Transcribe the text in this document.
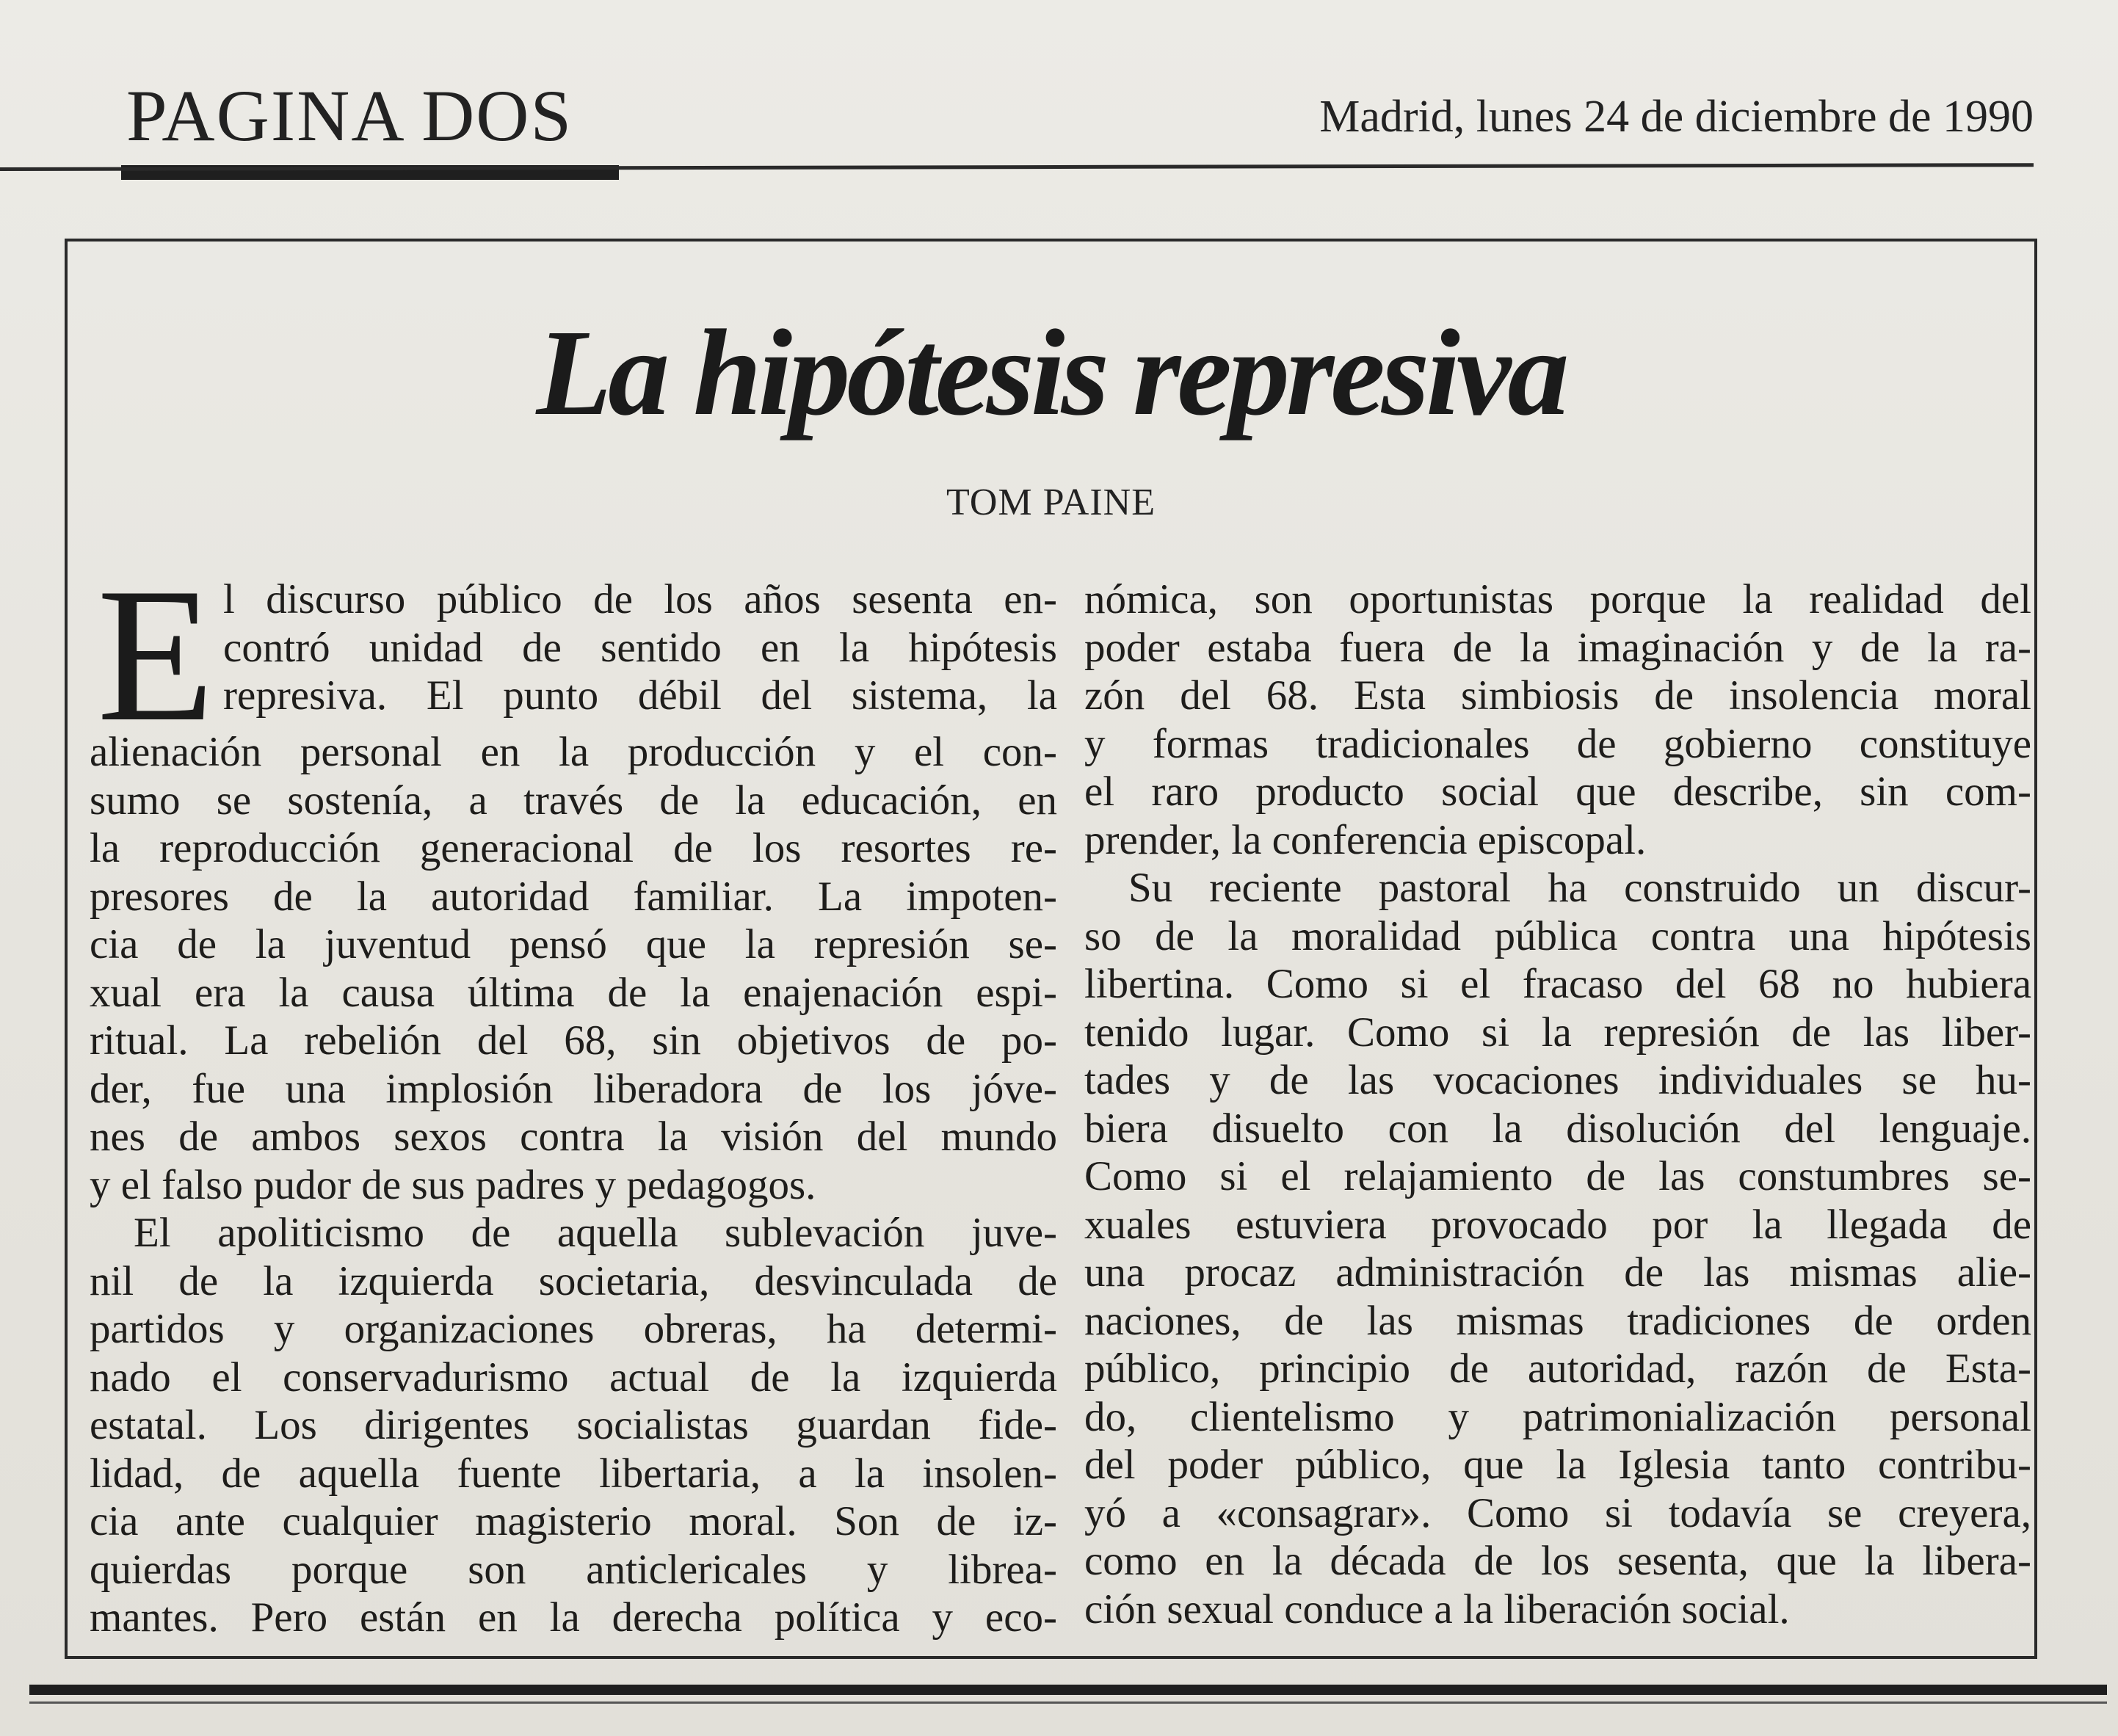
PAGINA DOS	Madrid, lunes 24 de diciembre de 1990
La hipótesis represiva
TOM PAINE
E l discurso público de los años sesenta en-
contró unidad de sentido en la hipótesis
represiva. El punto débil del sistema, la
alienación personal en la producción y el con-
sumo se sostenía, a través de la educación, en
la reproducción generacional de los resortes re-
presores de la autoridad familiar. La impoten-
cia de la juventud pensó que la represión se-
xual era la causa última de la enajenación espi-
ritual. La rebelión del 68, sin objetivos de po-
der, fue una implosión liberadora de los jóve-
nes de ambos sexos contra la visión del mundo
y el falso pudor de sus padres y pedagogos.
El apoliticismo de aquella sublevación juve-
nil de la izquierda societaria, desvinculada de
partidos y organizaciones obreras, ha determi-
nado el conservadurismo actual de la izquierda
estatal. Los dirigentes socialistas guardan fide-
lidad, de aquella fuente libertaria, a la insolen-
cia ante cualquier magisterio moral. Son de iz-
quierdas porque son anticlericales y librea-
mantes. Pero están en la derecha política y eco-
nómica, son oportunistas porque la realidad del
poder estaba fuera de la imaginación y de la ra-
zón del 68. Esta simbiosis de insolencia moral
y formas tradicionales de gobierno constituye
el raro producto social que describe, sin com-
prender, la conferencia episcopal.
Su reciente pastoral ha construido un discur-
so de la moralidad pública contra una hipótesis
libertina. Como si el fracaso del 68 no hubiera
tenido lugar. Como si la represión de las liber-
tades y de las vocaciones individuales se hu-
biera disuelto con la disolución del lenguaje.
Como si el relajamiento de las constumbres se-
xuales estuviera provocado por la llegada de
una procaz administración de las mismas alie-
naciones, de las mismas tradiciones de orden
público, principio de autoridad, razón de Esta-
do, clientelismo y patrimonialización personal
del poder público, que la Iglesia tanto contribu-
yó a «consagrar». Como si todavía se creyera,
como en la década de los sesenta, que la libera-
ción sexual conduce a la liberación social.
